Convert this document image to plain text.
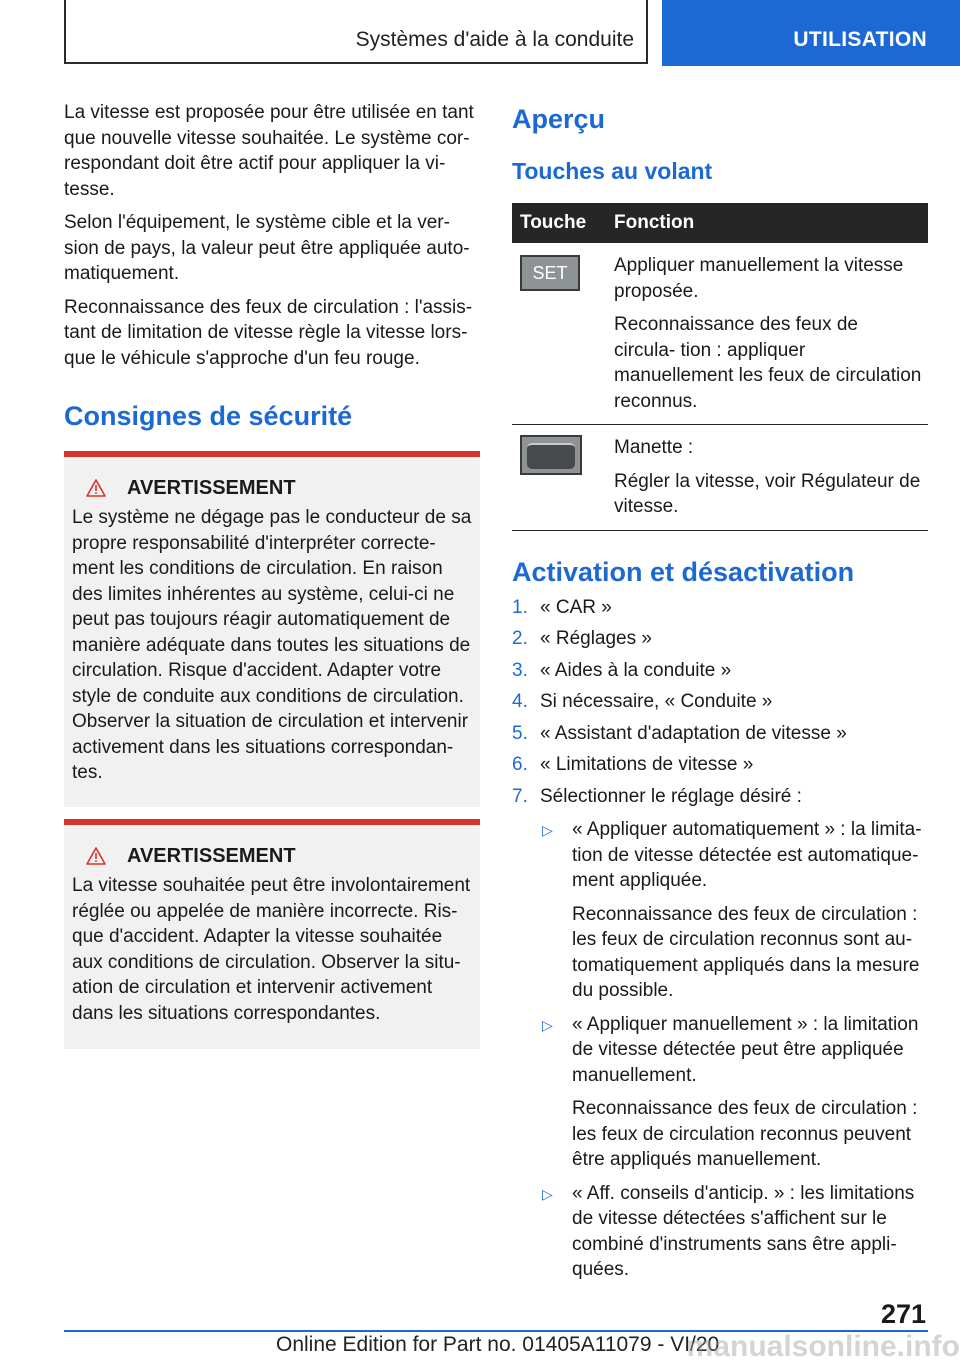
Systèmes d'aide à la conduite	UTILISATION

La vitesse est proposée pour être utilisée en tant que nouvelle vitesse souhaitée. Le système cor- respondant doit être actif pour appliquer la vi- tesse.

Selon l'équipement, le système cible et la ver- sion de pays, la valeur peut être appliquée auto- matiquement.

Reconnaissance des feux de circulation : l'assis- tant de limitation de vitesse règle la vitesse lors- que le véhicule s'approche d'un feu rouge.

Consignes de sécurité
AVERTISSEMENT

Le système ne dégage pas le conducteur de sa propre responsabilité d'interpréter correcte- ment les conditions de circulation. En raison des limites inhérentes au système, celui-ci ne peut pas toujours réagir automatiquement de manière adéquate dans toutes les situations de circulation. Risque d'accident. Adapter votre style de conduite aux conditions de circulation. Observer la situation de circulation et intervenir activement dans les situations correspondan- tes.

AVERTISSEMENT

La vitesse souhaitée peut être involontairement réglée ou appelée de manière incorrecte. Ris- que d'accident. Adapter la vitesse souhaitée aux conditions de circulation. Observer la situ- ation de circulation et intervenir activement dans les situations correspondantes.

Aperçu
Touches au volant
Touche	Fonction

SET	Appliquer manuellement la vitesse proposée.

Reconnaissance des feux de circula- tion : appliquer manuellement les feux de circulation reconnus.

	Manette :

Régler la vitesse, voir Régulateur de vitesse.

Activation et désactivation
1. « CAR »
2. « Réglages »
3. « Aides à la conduite »
4. Si nécessaire, « Conduite »
5. « Assistant d'adaptation de vitesse »
6. « Limitations de vitesse »
7. Sélectionner le réglage désiré :
▷	« Appliquer automatiquement » : la limita- tion de vitesse détectée est automatique- ment appliquée.

Reconnaissance des feux de circulation : les feux de circulation reconnus sont au- tomatiquement appliqués dans la mesure du possible.

▷	« Appliquer manuellement » : la limitation de vitesse détectée peut être appliquée manuellement.

Reconnaissance des feux de circulation : les feux de circulation reconnus peuvent être appliqués manuellement.

▷	« Aff. conseils d'anticip. » : les limitations de vitesse détectées s'affichent sur le combiné d'instruments sans être appli- quées.

271
Online Edition for Part no. 01405A11079 - VI/20
manualsonline.info
